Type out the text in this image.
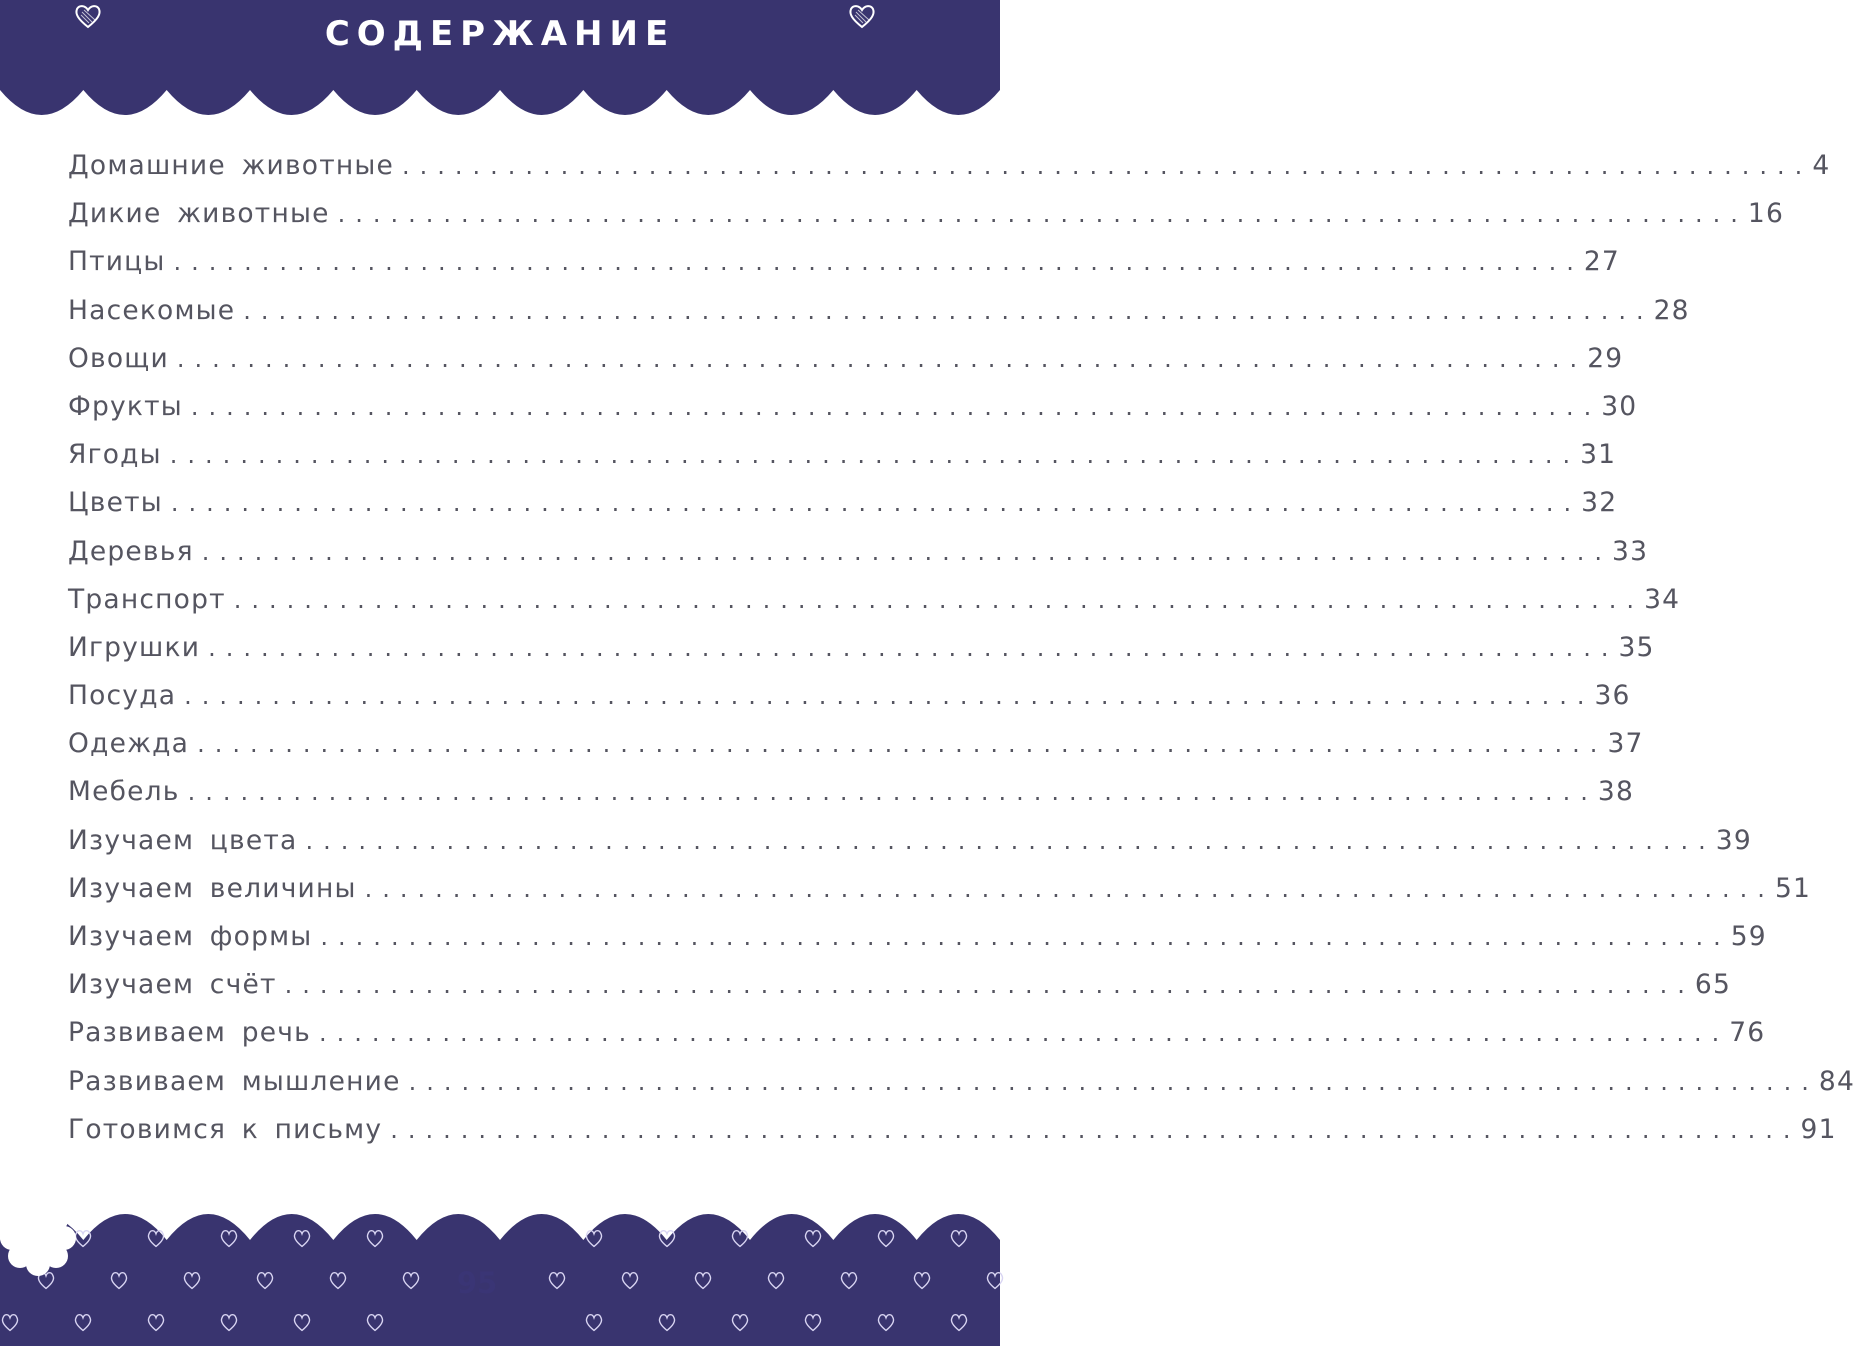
СОДЕРЖАНИЕ
Домашние животные ................................................................................ 4
Дикие животные ................................................................................ 16
Птицы ................................................................................ 27
Насекомые ................................................................................ 28
Овощи ................................................................................ 29
Фрукты ................................................................................ 30
Ягоды ................................................................................ 31
Цветы ................................................................................ 32
Деревья ................................................................................ 33
Транспорт ................................................................................ 34
Игрушки ................................................................................ 35
Посуда ................................................................................ 36
Одежда ................................................................................ 37
Мебель ................................................................................ 38
Изучаем цвета ................................................................................ 39
Изучаем величины ................................................................................ 51
Изучаем формы ................................................................................ 59
Изучаем счёт ................................................................................ 65
Развиваем речь ................................................................................ 76
Развиваем мышление ................................................................................ 84
Готовимся к письму ................................................................................ 91
95
